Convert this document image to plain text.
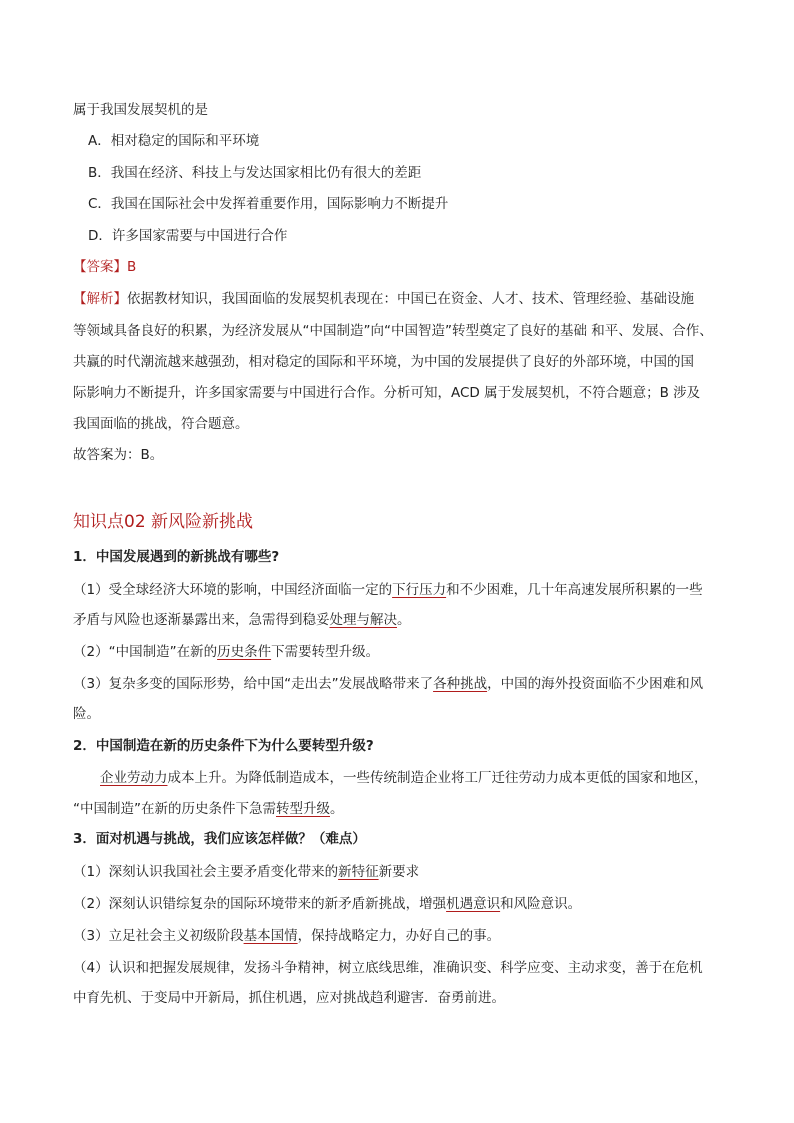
属于我国发展契机的是
A．相对稳定的国际和平环境
B．我国在经济、科技上与发达国家相比仍有很大的差距
C．我国在国际社会中发挥着重要作用，国际影响力不断提升
D．许多国家需要与中国进行合作
【答案】B
【解析】依据教材知识，我国面临的发展契机表现在：中国已在资金、人才、技术、管理经验、基础设施
等领域具备良好的积累，为经济发展从“中国制造”向“中国智造”转型奠定了良好的基础 和平、发展、合作、
共赢的时代潮流越来越强劲，相对稳定的国际和平环境，为中国的发展提供了良好的外部环境，中国的国
际影响力不断提升，许多国家需要与中国进行合作。分析可知，ACD 属于发展契机，不符合题意；B 涉及
我国面临的挑战，符合题意。
故答案为：B。
知识点02 新风险新挑战
1．中国发展遇到的新挑战有哪些?
（1）受全球经济大环境的影响，中国经济面临一定的下行压力和不少困难，几十年高速发展所积累的一些
矛盾与风险也逐渐暴露出来，急需得到稳妥处理与解决。
（2）“中国制造”在新的历史条件下需要转型升级。
（3）复杂多变的国际形势，给中国“走出去”发展战略带来了各种挑战，中国的海外投资面临不少困难和风
险。
2．中国制造在新的历史条件下为什么要转型升级?
企业劳动力成本上升。为降低制造成本，一些传统制造企业将工厂迁往劳动力成本更低的国家和地区，
“中国制造”在新的历史条件下急需转型升级。
3．面对机遇与挑战，我们应该怎样做？（难点）
（1）深刻认识我国社会主要矛盾变化带来的新特征新要求
（2）深刻认识错综复杂的国际环境带来的新矛盾新挑战，增强机遇意识和风险意识。
（3）立足社会主义初级阶段基本国情，保持战略定力，办好自己的事。
（4）认识和把握发展规律，发扬斗争精神，树立底线思维，准确识变、科学应变、主动求变，善于在危机
中育先机、于变局中开新局，抓住机遇，应对挑战趋利避害．奋勇前进。
